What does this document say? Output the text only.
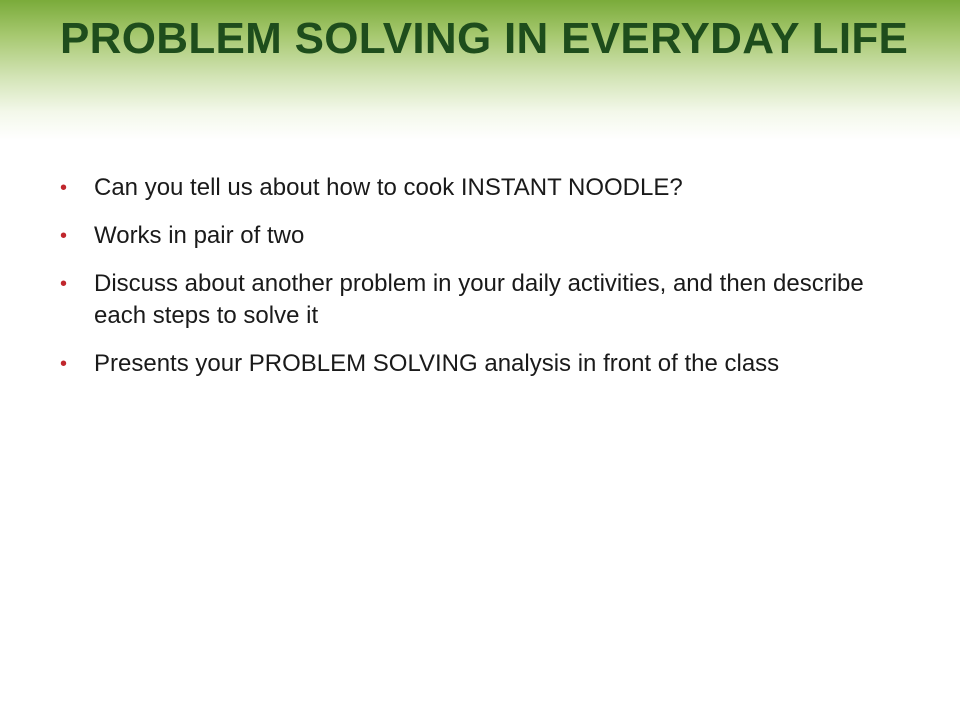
PROBLEM SOLVING IN EVERYDAY LIFE
• Can you tell us about how to cook INSTANT NOODLE?
• Works in pair of two
• Discuss about another problem in your daily activities, and then describe each steps to solve it
• Presents your PROBLEM SOLVING analysis in front of the class
